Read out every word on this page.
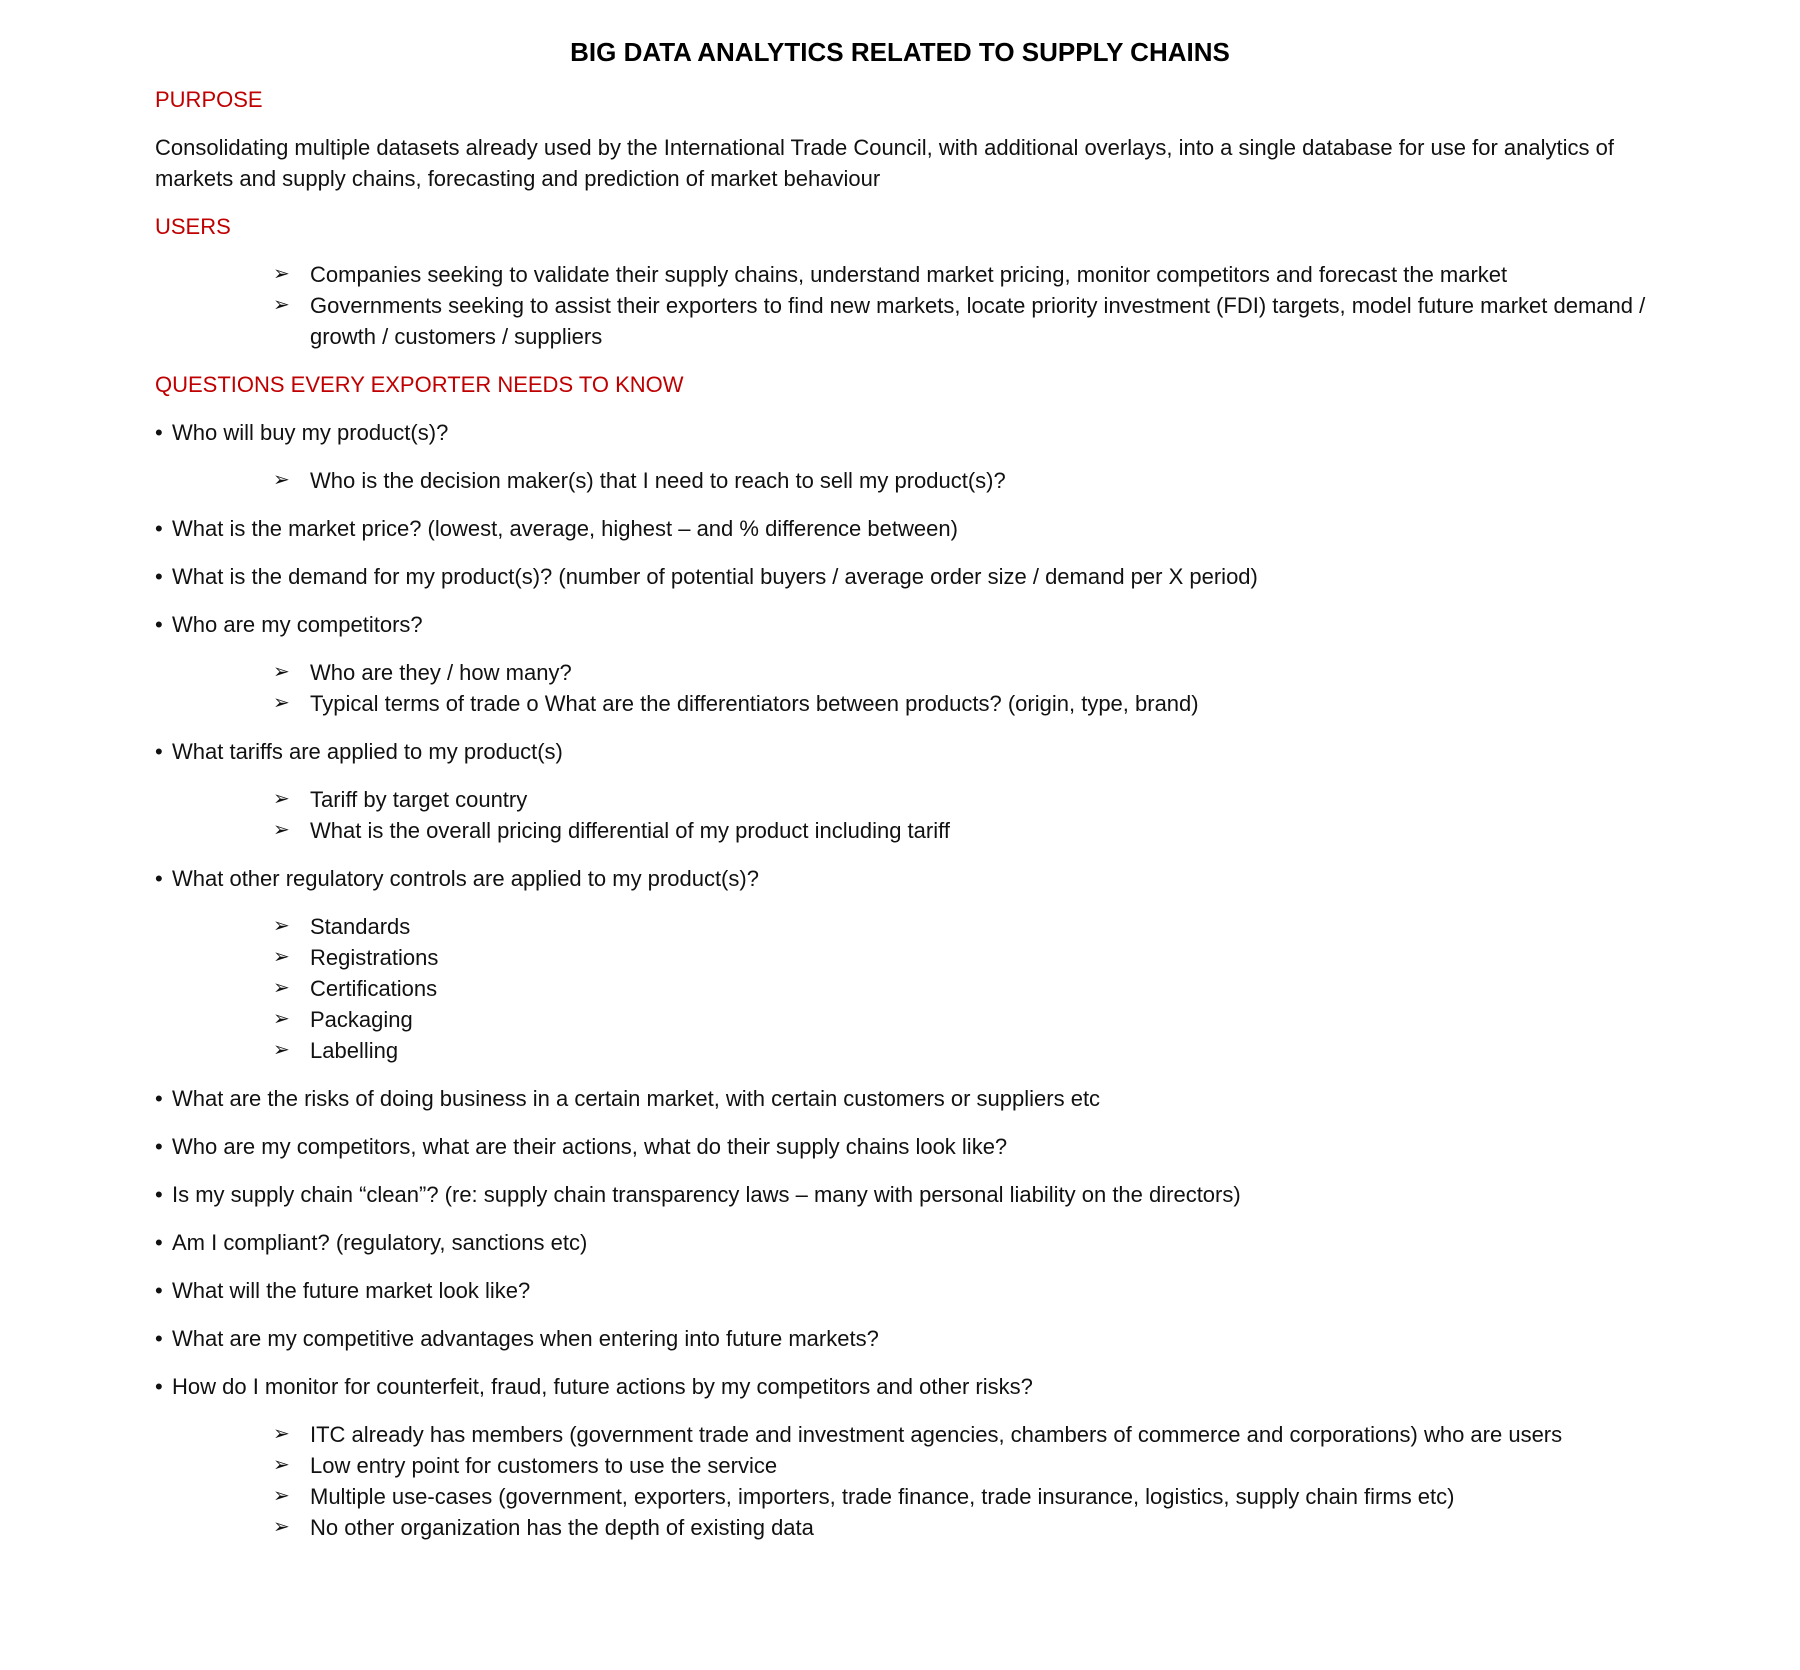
BIG DATA ANALYTICS RELATED TO SUPPLY CHAINS
PURPOSE

Consolidating multiple datasets already used by the International Trade Council, with additional overlays, into a single database for use for analytics of markets and supply chains, forecasting and prediction of market behaviour

USERS
➢ Companies seeking to validate their supply chains, understand market pricing, monitor competitors and forecast the market
➢ Governments seeking to assist their exporters to find new markets, locate priority investment (FDI) targets, model future market demand / growth / customers / suppliers
QUESTIONS EVERY EXPORTER NEEDS TO KNOW
• Who will buy my product(s)?
➢ Who is the decision maker(s) that I need to reach to sell my product(s)?
• What is the market price? (lowest, average, highest – and % difference between)
• What is the demand for my product(s)? (number of potential buyers / average order size / demand per X period)
• Who are my competitors?
➢ Who are they / how many?
➢ Typical terms of trade o What are the differentiators between products? (origin, type, brand)
• What tariffs are applied to my product(s)
➢ Tariff by target country
➢ What is the overall pricing differential of my product including tariff
• What other regulatory controls are applied to my product(s)?
➢ Standards
➢ Registrations
➢ Certifications
➢ Packaging
➢ Labelling
• What are the risks of doing business in a certain market, with certain customers or suppliers etc
• Who are my competitors, what are their actions, what do their supply chains look like?
• Is my supply chain “clean”? (re: supply chain transparency laws – many with personal liability on the directors)
• Am I compliant? (regulatory, sanctions etc)
• What will the future market look like?
• What are my competitive advantages when entering into future markets?
• How do I monitor for counterfeit, fraud, future actions by my competitors and other risks?
➢ ITC already has members (government trade and investment agencies, chambers of commerce and corporations) who are users
➢ Low entry point for customers to use the service
➢ Multiple use-cases (government, exporters, importers, trade finance, trade insurance, logistics, supply chain firms etc)
➢ No other organization has the depth of existing data
